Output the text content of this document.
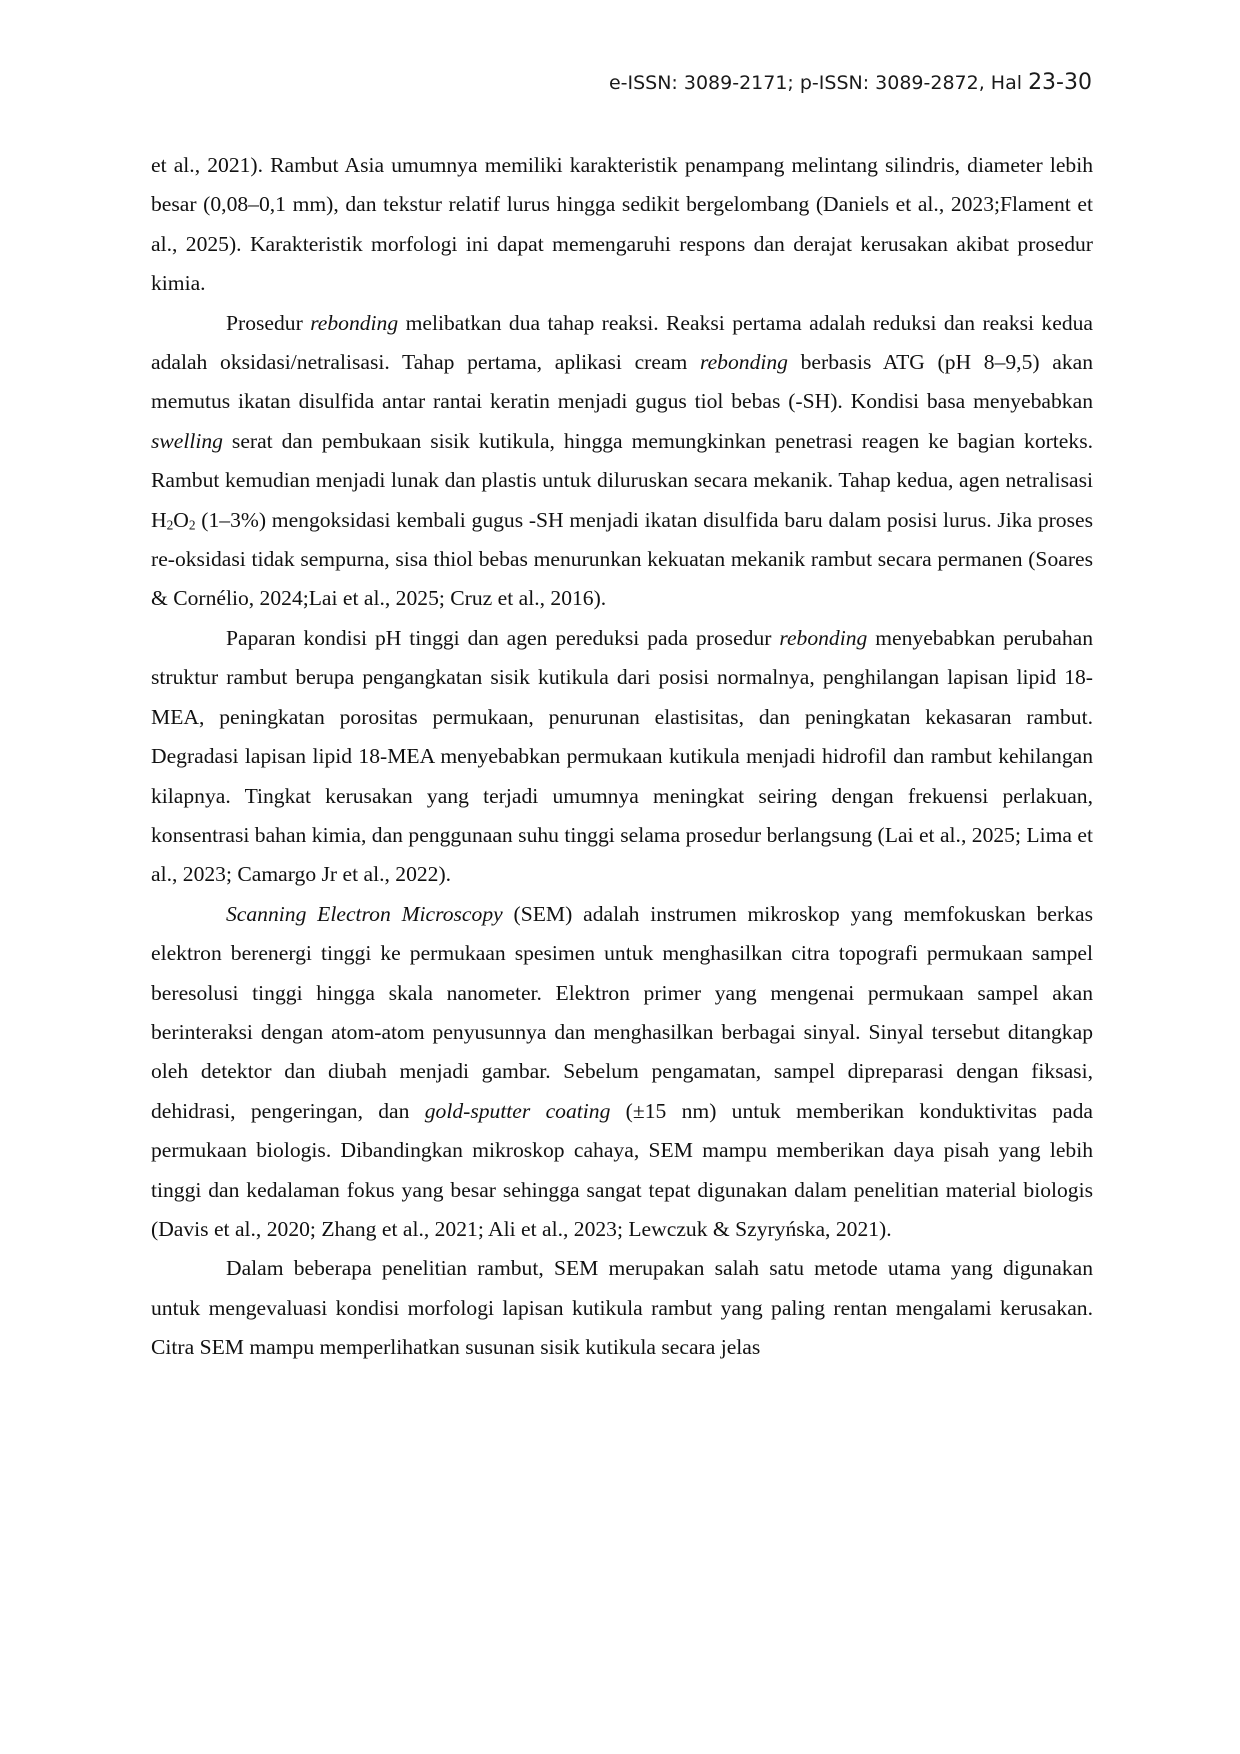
e-ISSN: 3089-2171; p-ISSN: 3089-2872, Hal 23-30

et al., 2021). Rambut Asia umumnya memiliki karakteristik penampang melintang silindris, diameter lebih besar (0,08–0,1 mm), dan tekstur relatif lurus hingga sedikit bergelombang (Daniels et al., 2023;Flament et al., 2025). Karakteristik morfologi ini dapat memengaruhi respons dan derajat kerusakan akibat prosedur kimia.

Prosedur rebonding melibatkan dua tahap reaksi. Reaksi pertama adalah reduksi dan reaksi kedua adalah oksidasi/netralisasi. Tahap pertama, aplikasi cream rebonding berbasis ATG (pH 8–9,5) akan memutus ikatan disulfida antar rantai keratin menjadi gugus tiol bebas (-SH). Kondisi basa menyebabkan swelling serat dan pembukaan sisik kutikula, hingga memungkinkan penetrasi reagen ke bagian korteks. Rambut kemudian menjadi lunak dan plastis untuk diluruskan secara mekanik. Tahap kedua, agen netralisasi $H_2O_2$ (1–3%) mengoksidasi kembali gugus -SH menjadi ikatan disulfida baru dalam posisi lurus. Jika proses re-oksidasi tidak sempurna, sisa thiol bebas menurunkan kekuatan mekanik rambut secara permanen (Soares & Cornélio, 2024;Lai et al., 2025; Cruz et al., 2016).

Paparan kondisi pH tinggi dan agen pereduksi pada prosedur rebonding menyebabkan perubahan struktur rambut berupa pengangkatan sisik kutikula dari posisi normalnya, penghilangan lapisan lipid 18-MEA, peningkatan porositas permukaan, penurunan elastisitas, dan peningkatan kekasaran rambut. Degradasi lapisan lipid 18-MEA menyebabkan permukaan kutikula menjadi hidrofil dan rambut kehilangan kilapnya. Tingkat kerusakan yang terjadi umumnya meningkat seiring dengan frekuensi perlakuan, konsentrasi bahan kimia, dan penggunaan suhu tinggi selama prosedur berlangsung (Lai et al., 2025; Lima et al., 2023; Camargo Jr et al., 2022).

Scanning Electron Microscopy (SEM) adalah instrumen mikroskop yang memfokuskan berkas elektron berenergi tinggi ke permukaan spesimen untuk menghasilkan citra topografi permukaan sampel beresolusi tinggi hingga skala nanometer. Elektron primer yang mengenai permukaan sampel akan berinteraksi dengan atom-atom penyusunnya dan menghasilkan berbagai sinyal. Sinyal tersebut ditangkap oleh detektor dan diubah menjadi gambar. Sebelum pengamatan, sampel dipreparasi dengan fiksasi, dehidrasi, pengeringan, dan gold-sputter coating (±15 nm) untuk memberikan konduktivitas pada permukaan biologis. Dibandingkan mikroskop cahaya, SEM mampu memberikan daya pisah yang lebih tinggi dan kedalaman fokus yang besar sehingga sangat tepat digunakan dalam penelitian material biologis (Davis et al., 2020; Zhang et al., 2021; Ali et al., 2023; Lewczuk & Szyryńska, 2021).

Dalam beberapa penelitian rambut, SEM merupakan salah satu metode utama yang digunakan untuk mengevaluasi kondisi morfologi lapisan kutikula rambut yang paling rentan mengalami kerusakan. Citra SEM mampu memperlihatkan susunan sisik kutikula secara jelas
